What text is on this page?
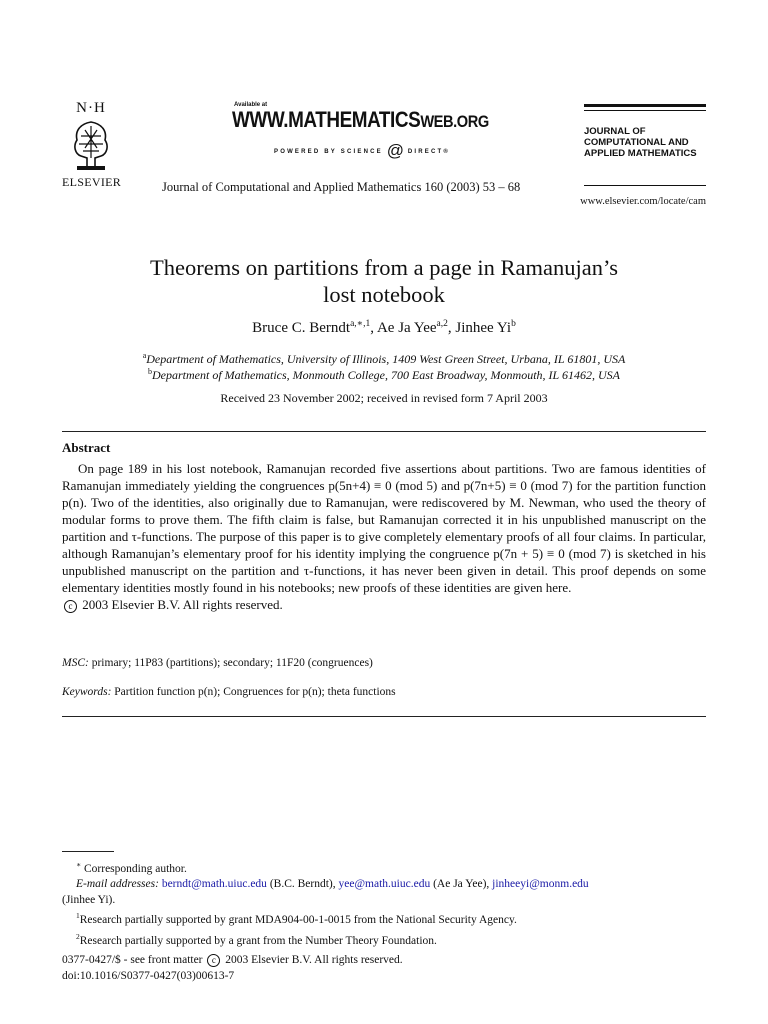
N·H
ELSEVIER
Available at
WWW.MATHEMATICSWEB.ORG
POWERED BY SCIENCE @ DIRECT®
Journal of Computational and Applied Mathematics 160 (2003) 53 – 68
JOURNAL OF
COMPUTATIONAL AND
APPLIED MATHEMATICS
www.elsevier.com/locate/cam
Theorems on partitions from a page in Ramanujan’s
lost notebook
Bruce C. Berndt$^{a,∗,1}$, Ae Ja Yee$^{a,2}$, Jinhee Yi$^b$
$^a$Department of Mathematics, University of Illinois, 1409 West Green Street, Urbana, IL 61801, USA
$^b$Department of Mathematics, Monmouth College, 700 East Broadway, Monmouth, IL 61462, USA
Received 23 November 2002; received in revised form 7 April 2003
Abstract

On page 189 in his lost notebook, Ramanujan recorded five assertions about partitions. Two are famous identities of Ramanujan immediately yielding the congruences p(5n+4) ≡ 0 (mod 5) and p(7n+5) ≡ 0 (mod 7) for the partition function p(n). Two of the identities, also originally due to Ramanujan, were rediscovered by M. Newman, who used the theory of modular forms to prove them. The fifth claim is false, but Ramanujan corrected it in his unpublished manuscript on the partition and τ-functions. The purpose of this paper is to give completely elementary proofs of all four claims. In particular, although Ramanujan’s elementary proof for his identity implying the congruence p(7n + 5) ≡ 0 (mod 7) is sketched in his unpublished manuscript on the partition and τ-functions, it has never been given in detail. This proof depends on some elementary identities mostly found in his notebooks; new proofs of these identities are given here.

c 2003 Elsevier B.V. All rights reserved.

MSC: primary; 11P83 (partitions); secondary; 11F20 (congruences)
Keywords: Partition function p(n); Congruences for p(n); theta functions
∗ Corresponding author.
E-mail addresses: berndt@math.uiuc.edu (B.C. Berndt), yee@math.uiuc.edu (Ae Ja Yee), jinheeyi@monm.edu
(Jinhee Yi).
$^1$Research partially supported by grant MDA904-00-1-0015 from the National Security Agency.
$^2$Research partially supported by a grant from the Number Theory Foundation.
0377-0427/$ - see front matter c 2003 Elsevier B.V. All rights reserved.
doi:10.1016/S0377-0427(03)00613-7
